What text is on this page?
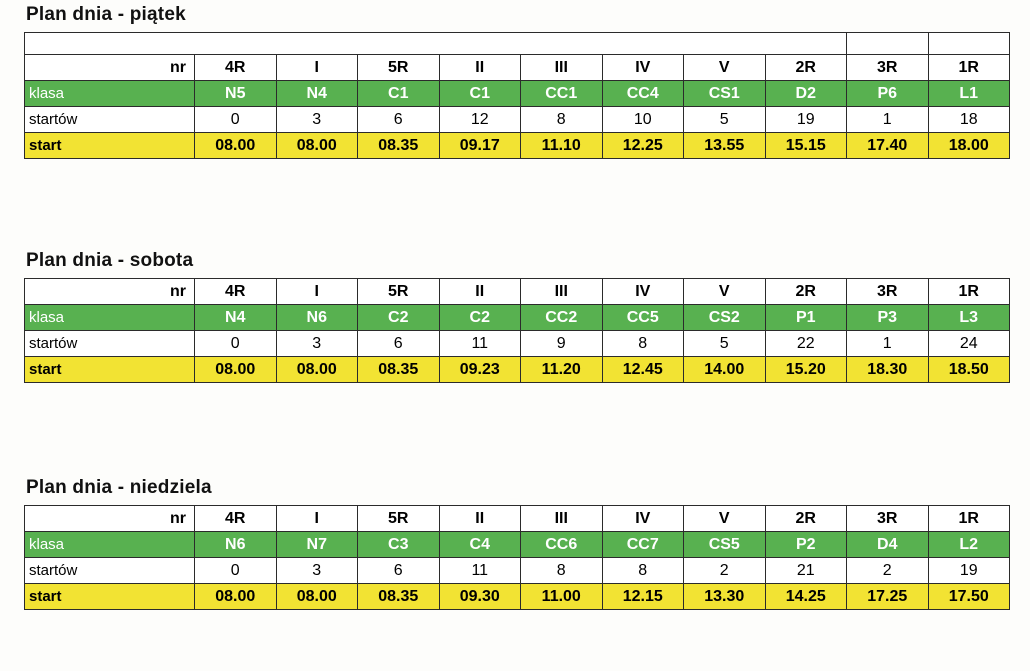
Plan dnia - piątek

nr	4R	I	5R	II	III	IV	V	2R	3R	1R
klasa	N5	N4	C1	C1	CC1	CC4	CS1	D2	P6	L1
startów	0	3	6	12	8	10	5	19	1	18
start	08.00	08.00	08.35	09.17	11.10	12.25	13.55	15.15	17.40	18.00
Plan dnia - sobota
nr	4R	I	5R	II	III	IV	V	2R	3R	1R
klasa	N4	N6	C2	C2	CC2	CC5	CS2	P1	P3	L3
startów	0	3	6	11	9	8	5	22	1	24
start	08.00	08.00	08.35	09.23	11.20	12.45	14.00	15.20	18.30	18.50
Plan dnia - niedziela
nr	4R	I	5R	II	III	IV	V	2R	3R	1R
klasa	N6	N7	C3	C4	CC6	CC7	CS5	P2	D4	L2
startów	0	3	6	11	8	8	2	21	2	19
start	08.00	08.00	08.35	09.30	11.00	12.15	13.30	14.25	17.25	17.50
